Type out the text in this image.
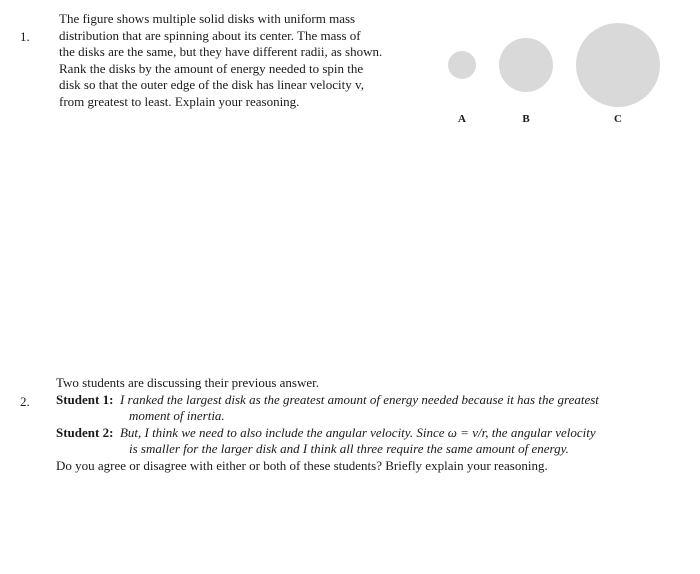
1.
The figure shows multiple solid disks with uniform mass
distribution that are spinning about its center. The mass of
the disks are the same, but they have different radii, as shown.
Rank the disks by the amount of energy needed to spin the
disk so that the outer edge of the disk has linear velocity v,
from greatest to least. Explain your reasoning.
A	B	C
2.
Two students are discussing their previous answer.
Student 1: I ranked the largest disk as the greatest amount of energy needed because it has the greatest
moment of inertia.
Student 2: But, I think we need to also include the angular velocity. Since ω = v/r, the angular velocity
is smaller for the larger disk and I think all three require the same amount of energy.
Do you agree or disagree with either or both of these students? Briefly explain your reasoning.
